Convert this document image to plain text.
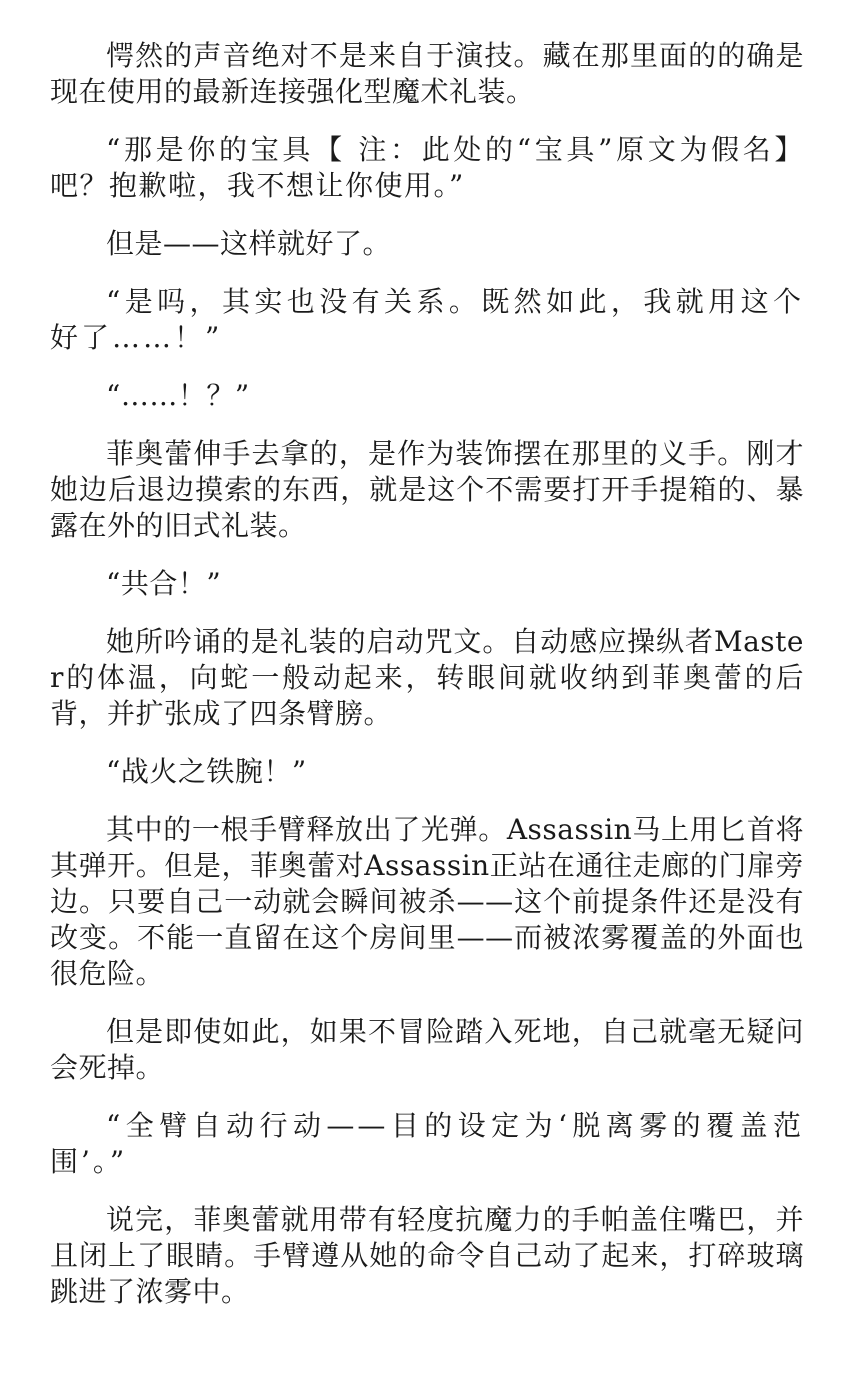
愕然的声音绝对不是来自于演技。藏在那里面的的确是现在使用的最新连接强化型魔术礼装。

“那是你的宝具【 注：此处的“宝具”原文为假名】吧？抱歉啦，我不想让你使用。”

但是——这样就好了。

“是吗，其实也没有关系。既然如此，我就用这个好了……！”

“……！？”

菲奥蕾伸手去拿的，是作为装饰摆在那里的义手。刚才她边后退边摸索的东西，就是这个不需要打开手提箱的、暴露在外的旧式礼装。

“共合！”

她所吟诵的是礼装的启动咒文。自动感应操纵者Master的体温，向蛇一般动起来，转眼间就收纳到菲奥蕾的后背，并扩张成了四条臂膀。

“战火之铁腕！”

其中的一根手臂释放出了光弹。Assassin马上用匕首将其弹开。但是，菲奥蕾对Assassin正站在通往走廊的门扉旁边。只要自己一动就会瞬间被杀——这个前提条件还是没有改变。不能一直留在这个房间里——而被浓雾覆盖的外面也很危险。

但是即使如此，如果不冒险踏入死地，自己就毫无疑问会死掉。

“全臂自动行动——目的设定为‘脱离雾的覆盖范围’。”

说完，菲奥蕾就用带有轻度抗魔力的手帕盖住嘴巴，并且闭上了眼睛。手臂遵从她的命令自己动了起来，打碎玻璃跳进了浓雾中。
